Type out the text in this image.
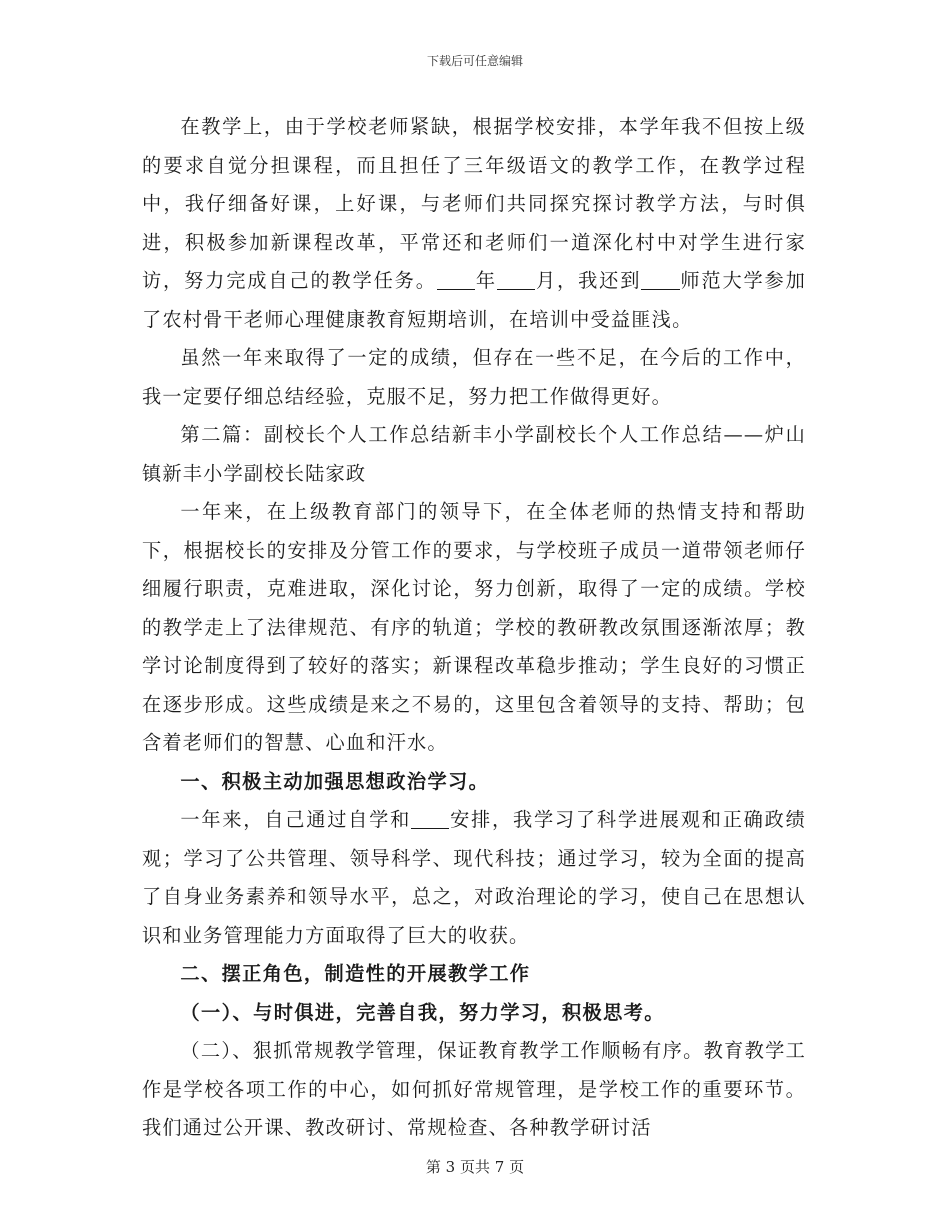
下载后可任意编辑

在教学上，由于学校老师紧缺，根据学校安排，本学年我不但按上级的要求自觉分担课程，而且担任了三年级语文的教学工作，在教学过程中，我仔细备好课，上好课，与老师们共同探究探讨教学方法，与时俱进，积极参加新课程改革，平常还和老师们一道深化村中对学生进行家访，努力完成自己的教学任务。 年 月，我还到 师范大学参加了农村骨干老师心理健康教育短期培训，在培训中受益匪浅。

虽然一年来取得了一定的成绩，但存在一些不足，在今后的工作中，我一定要仔细总结经验，克服不足，努力把工作做得更好。

第二篇：副校长个人工作总结新丰小学副校长个人工作总结——炉山镇新丰小学副校长陆家政

一年来，在上级教育部门的领导下，在全体老师的热情支持和帮助下，根据校长的安排及分管工作的要求，与学校班子成员一道带领老师仔细履行职责，克难进取，深化讨论，努力创新，取得了一定的成绩。学校的教学走上了法律规范、有序的轨道；学校的教研教改氛围逐渐浓厚；教学讨论制度得到了较好的落实；新课程改革稳步推动；学生良好的习惯正在逐步形成。这些成绩是来之不易的，这里包含着领导的支持、帮助；包含着老师们的智慧、心血和汗水。

一、积极主动加强思想政治学习。

一年来，自己通过自学和 安排，我学习了科学进展观和正确政绩观；学习了公共管理、领导科学、现代科技；通过学习，较为全面的提高了自身业务素养和领导水平，总之，对政治理论的学习，使自己在思想认识和业务管理能力方面取得了巨大的收获。

二、摆正角色，制造性的开展教学工作

（一）、与时俱进，完善自我，努力学习，积极思考。

（二）、狠抓常规教学管理，保证教育教学工作顺畅有序。教育教学工作是学校各项工作的中心，如何抓好常规管理，是学校工作的重要环节。我们通过公开课、教改研讨、常规检查、各种教学研讨活

第 3 页共 7 页
